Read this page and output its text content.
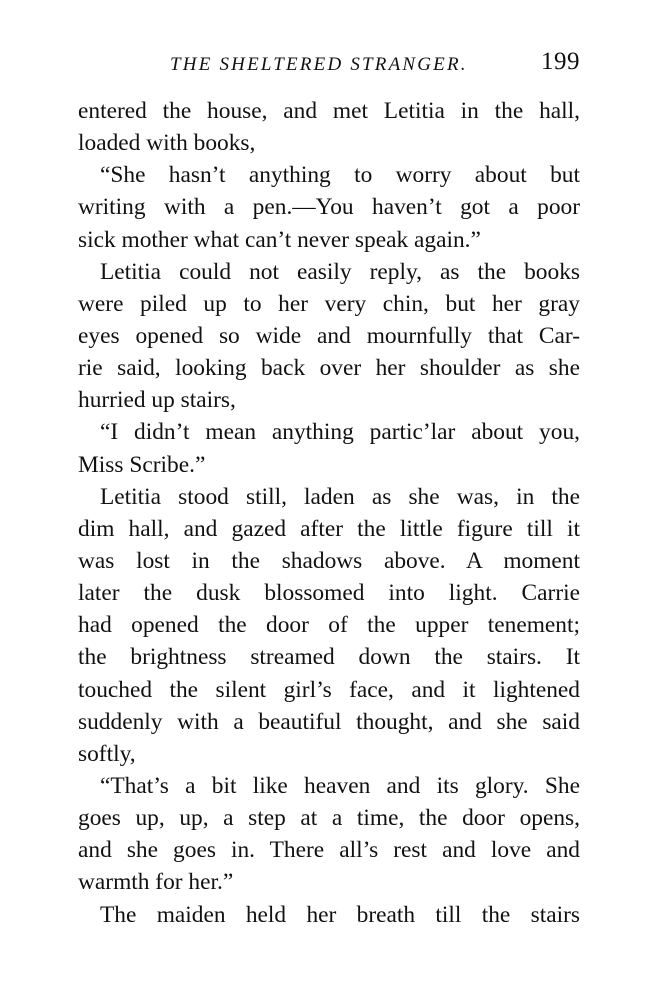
THE SHELTERED STRANGER.	199
entered the house, and met Letitia in the hall,
loaded with books,
“She hasn’t anything to worry about but
writing with a pen.—You haven’t got a poor
sick mother what can’t never speak again.”
Letitia could not easily reply, as the books
were piled up to her very chin, but her gray
eyes opened so wide and mournfully that Car-
rie said, looking back over her shoulder as she
hurried up stairs,
“I didn’t mean anything partic’lar about you,
Miss Scribe.”
Letitia stood still, laden as she was, in the
dim hall, and gazed after the little figure till it
was lost in the shadows above. A moment
later the dusk blossomed into light. Carrie
had opened the door of the upper tenement;
the brightness streamed down the stairs. It
touched the silent girl’s face, and it lightened
suddenly with a beautiful thought, and she said
softly,
“That’s a bit like heaven and its glory. She
goes up, up, a step at a time, the door opens,
and she goes in. There all’s rest and love and
warmth for her.”
The maiden held her breath till the stairs
